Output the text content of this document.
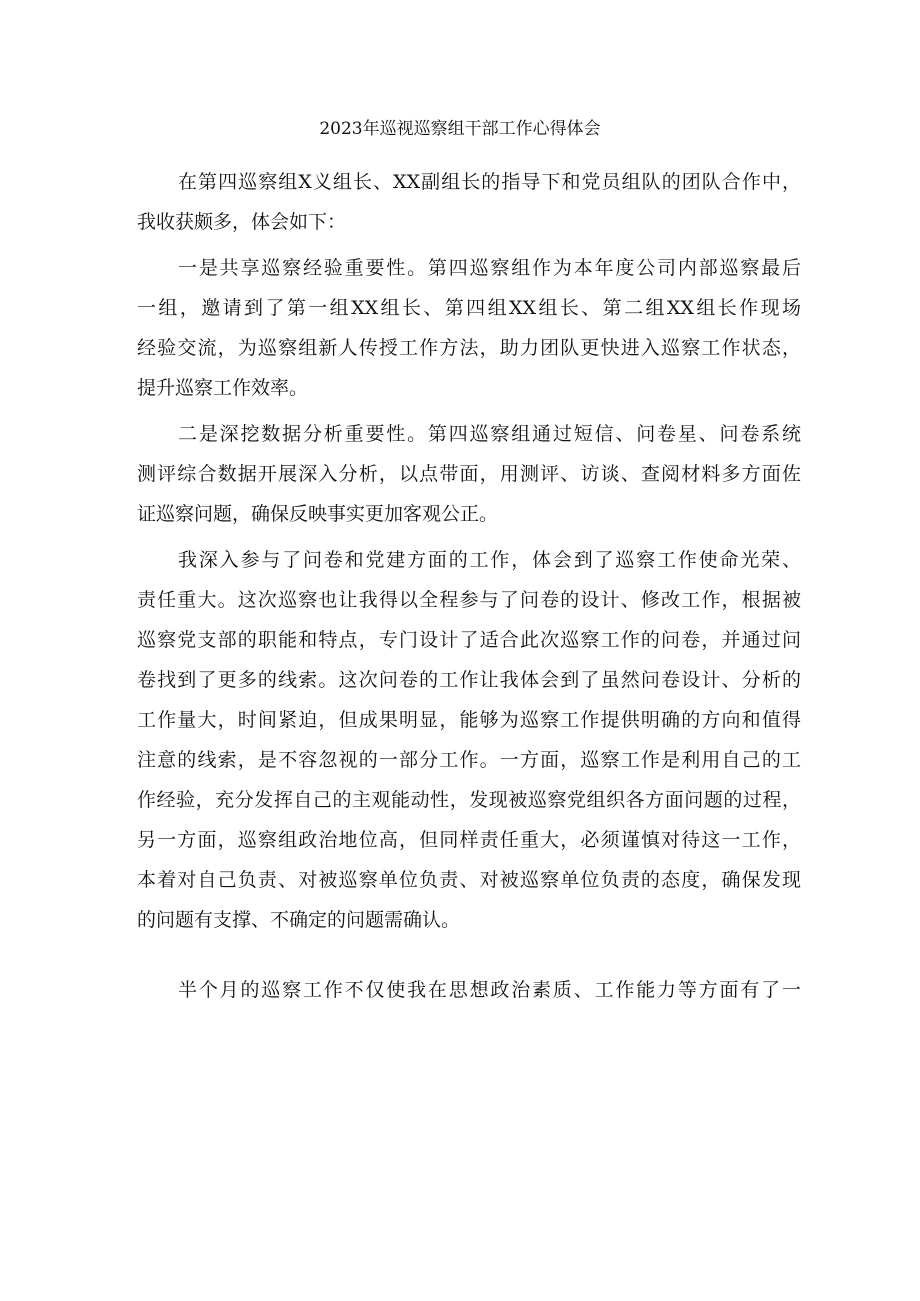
2023年巡视巡察组干部工作心得体会

在第四巡察组X义组长、XX副组长的指导下和党员组队的团队合作中，
我收获颇多，体会如下：

一是共享巡察经验重要性。第四巡察组作为本年度公司内部巡察最后
一组，邀请到了第一组XX组长、第四组XX组长、第二组XX组长作现场
经验交流，为巡察组新人传授工作方法，助力团队更快进入巡察工作状态，
提升巡察工作效率。

二是深挖数据分析重要性。第四巡察组通过短信、问卷星、问卷系统
测评综合数据开展深入分析，以点带面，用测评、访谈、查阅材料多方面佐
证巡察问题，确保反映事实更加客观公正。

我深入参与了问卷和党建方面的工作，体会到了巡察工作使命光荣、
责任重大。这次巡察也让我得以全程参与了问卷的设计、修改工作，根据被
巡察党支部的职能和特点，专门设计了适合此次巡察工作的问卷，并通过问
卷找到了更多的线索。这次问卷的工作让我体会到了虽然问卷设计、分析的
工作量大，时间紧迫，但成果明显，能够为巡察工作提供明确的方向和值得
注意的线索，是不容忽视的一部分工作。一方面，巡察工作是利用自己的工
作经验，充分发挥自己的主观能动性，发现被巡察党组织各方面问题的过程，
另一方面，巡察组政治地位高，但同样责任重大，必须谨慎对待这一工作，
本着对自己负责、对被巡察单位负责、对被巡察单位负责的态度，确保发现
的问题有支撑、不确定的问题需确认。

半个月的巡察工作不仅使我在思想政治素质、工作能力等方面有了一
